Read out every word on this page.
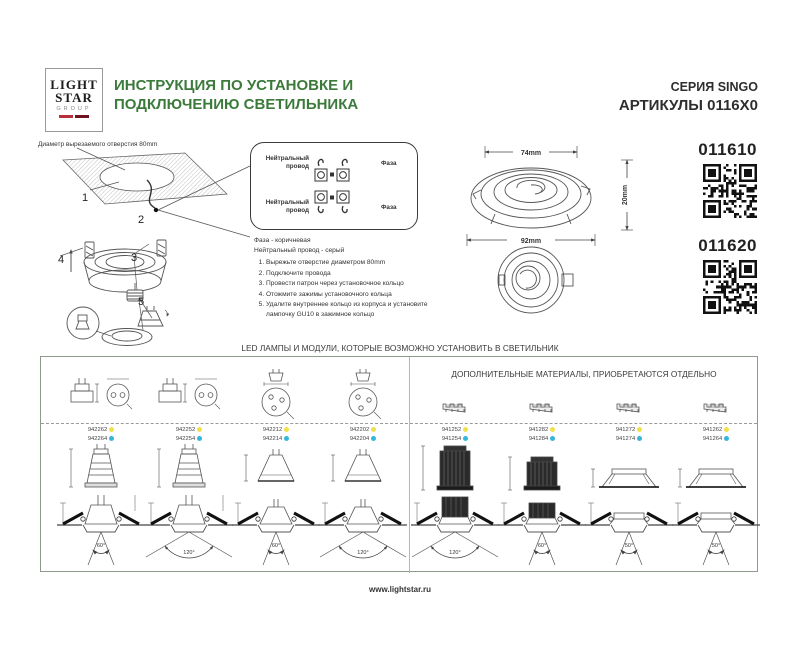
LIGHT
STAR
GROUP
ИНСТРУКЦИЯ ПО УСТАНОВКЕ И
ПОДКЛЮЧЕНИЮ СВЕТИЛЬНИКА
СЕРИЯ SINGO
АРТИКУЛЫ 0116X0
Диаметр вырезаемого отверстия 80mm
1
2
3
4
5
Нейтральный провод	Фаза
Нейтральный провод	Фаза
Фаза - коричневая
Нейтральный провод - серый
1. Вырежьте отверстие диаметром 80mm
2. Подключите провода
3. Провести патрон через установочное кольцо
4. Отожмите зажимы установочного кольца
5. Удалите внутреннее кольцо из корпуса и установите лампочку GU10 в зажимное кольцо
74mm
20mm
92mm
011610
011620
LED ЛАМПЫ И МОДУЛИ, КОТОРЫЕ ВОЗМОЖНО УСТАНОВИТЬ В СВЕТИЛЬНИК
ДОПОЛНИТЕЛЬНЫЕ МАТЕРИАЛЫ, ПРИОБРЕТАЮТСЯ ОТДЕЛЬНО
942262
942264
60°
942252
942254
120°
942212
942214
60°
942202
942204
120°
941252
941254
120°
941282
941284
60°
941272
941274
50°
941262
941264
50°
www.lightstar.ru
